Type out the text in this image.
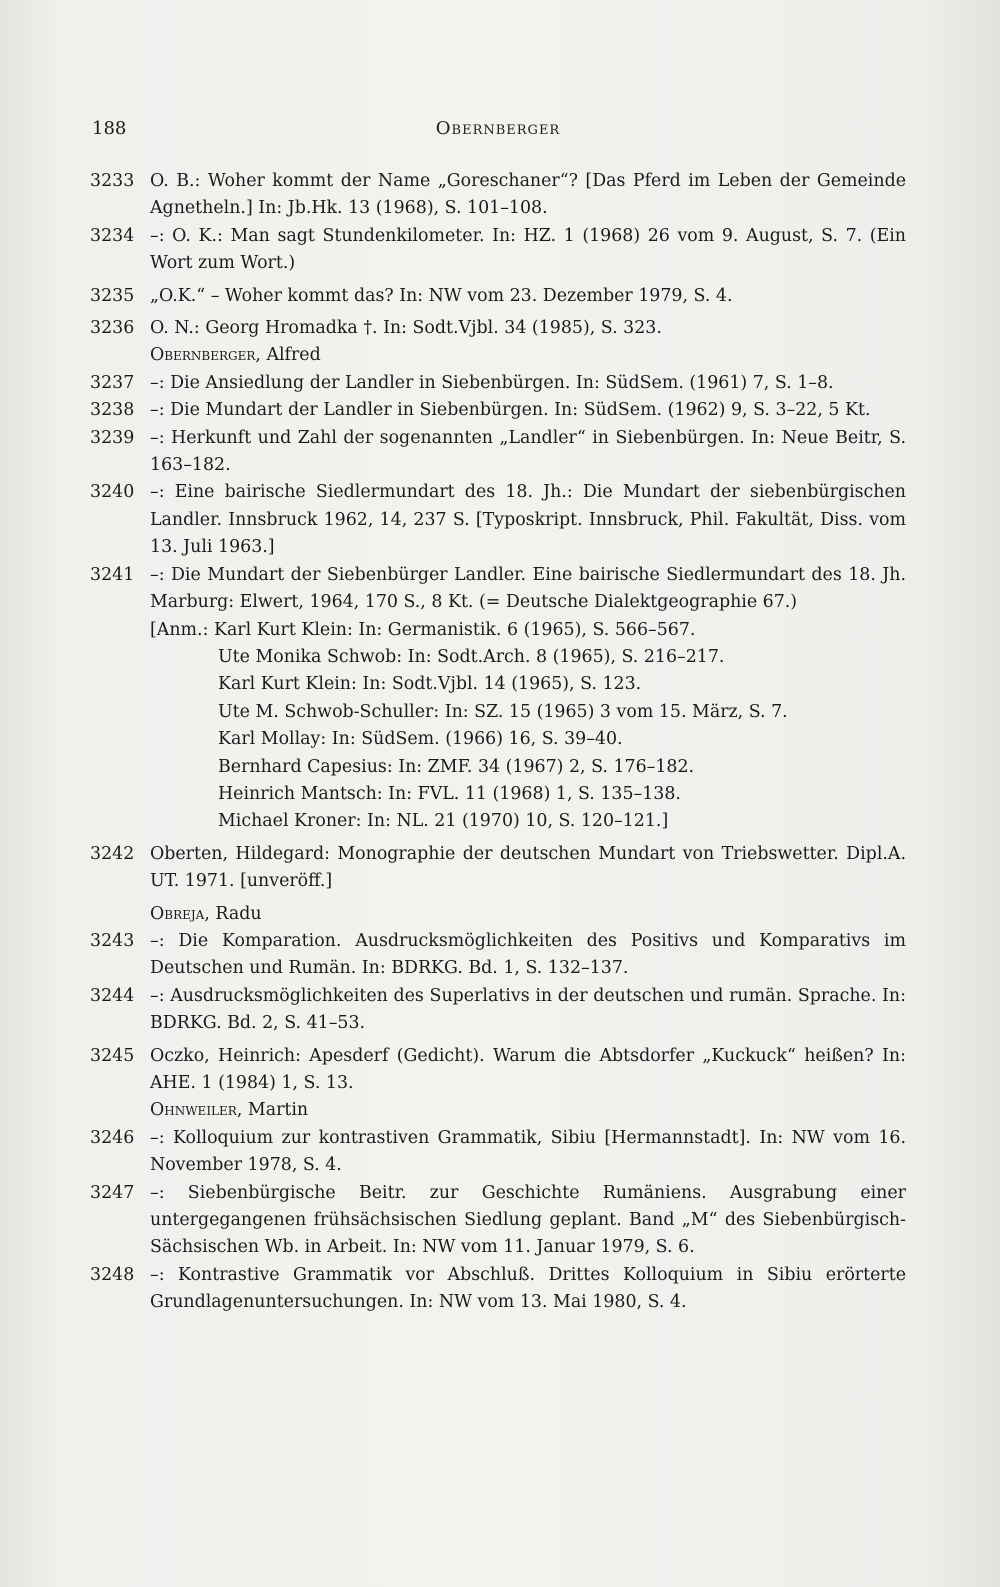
188	Obernberger
3233 O. B.: Woher kommt der Name „Goreschaner“? [Das Pferd im Leben der Gemeinde Agnetheln.] In: Jb.Hk. 13 (1968), S. 101–108.
3234 –: O. K.: Man sagt Stundenkilometer. In: HZ. 1 (1968) 26 vom 9. August, S. 7. (Ein Wort zum Wort.)
3235 „O.K.“ – Woher kommt das? In: NW vom 23. Dezember 1979, S. 4.
3236 O. N.: Georg Hromadka †. In: Sodt.Vjbl. 34 (1985), S. 323.
Obernberger, Alfred
3237 –: Die Ansiedlung der Landler in Siebenbürgen. In: SüdSem. (1961) 7, S. 1–8.
3238 –: Die Mundart der Landler in Siebenbürgen. In: SüdSem. (1962) 9, S. 3–22, 5 Kt.
3239 –: Herkunft und Zahl der sogenannten „Landler“ in Siebenbürgen. In: Neue Beitr, S. 163–182.
3240 –: Eine bairische Siedlermundart des 18. Jh.: Die Mundart der siebenbürgischen Landler. Innsbruck 1962, 14, 237 S. [Typoskript. Innsbruck, Phil. Fakultät, Diss. vom 13. Juli 1963.]
3241 –: Die Mundart der Siebenbürger Landler. Eine bairische Siedlermundart des 18. Jh. Marburg: Elwert, 1964, 170 S., 8 Kt. (= Deutsche Dialektgeographie 67.)
[Anm.: Karl Kurt Klein: In: Germanistik. 6 (1965), S. 566–567.
Ute Monika Schwob: In: Sodt.Arch. 8 (1965), S. 216–217.
Karl Kurt Klein: In: Sodt.Vjbl. 14 (1965), S. 123.
Ute M. Schwob-Schuller: In: SZ. 15 (1965) 3 vom 15. März, S. 7.
Karl Mollay: In: SüdSem. (1966) 16, S. 39–40.
Bernhard Capesius: In: ZMF. 34 (1967) 2, S. 176–182.
Heinrich Mantsch: In: FVL. 11 (1968) 1, S. 135–138.
Michael Kroner: In: NL. 21 (1970) 10, S. 120–121.]
3242 Oberten, Hildegard: Monographie der deutschen Mundart von Triebswetter. Dipl.A. UT. 1971. [unveröff.]
Obreja, Radu
3243 –: Die Komparation. Ausdrucksmöglichkeiten des Positivs und Komparativs im Deutschen und Rumän. In: BDRKG. Bd. 1, S. 132–137.
3244 –: Ausdrucksmöglichkeiten des Superlativs in der deutschen und rumän. Sprache. In: BDRKG. Bd. 2, S. 41–53.
3245 Oczko, Heinrich: Apesderf (Gedicht). Warum die Abtsdorfer „Kuckuck“ heißen? In: AHE. 1 (1984) 1, S. 13.
Ohnweiler, Martin
3246 –: Kolloquium zur kontrastiven Grammatik, Sibiu [Hermannstadt]. In: NW vom 16. November 1978, S. 4.
3247 –: Siebenbürgische Beitr. zur Geschichte Rumäniens. Ausgrabung einer untergegangenen frühsächsischen Siedlung geplant. Band „M“ des Siebenbürgisch-Sächsischen Wb. in Arbeit. In: NW vom 11. Januar 1979, S. 6.
3248 –: Kontrastive Grammatik vor Abschluß. Drittes Kolloquium in Sibiu erörterte Grundlagenuntersuchungen. In: NW vom 13. Mai 1980, S. 4.
